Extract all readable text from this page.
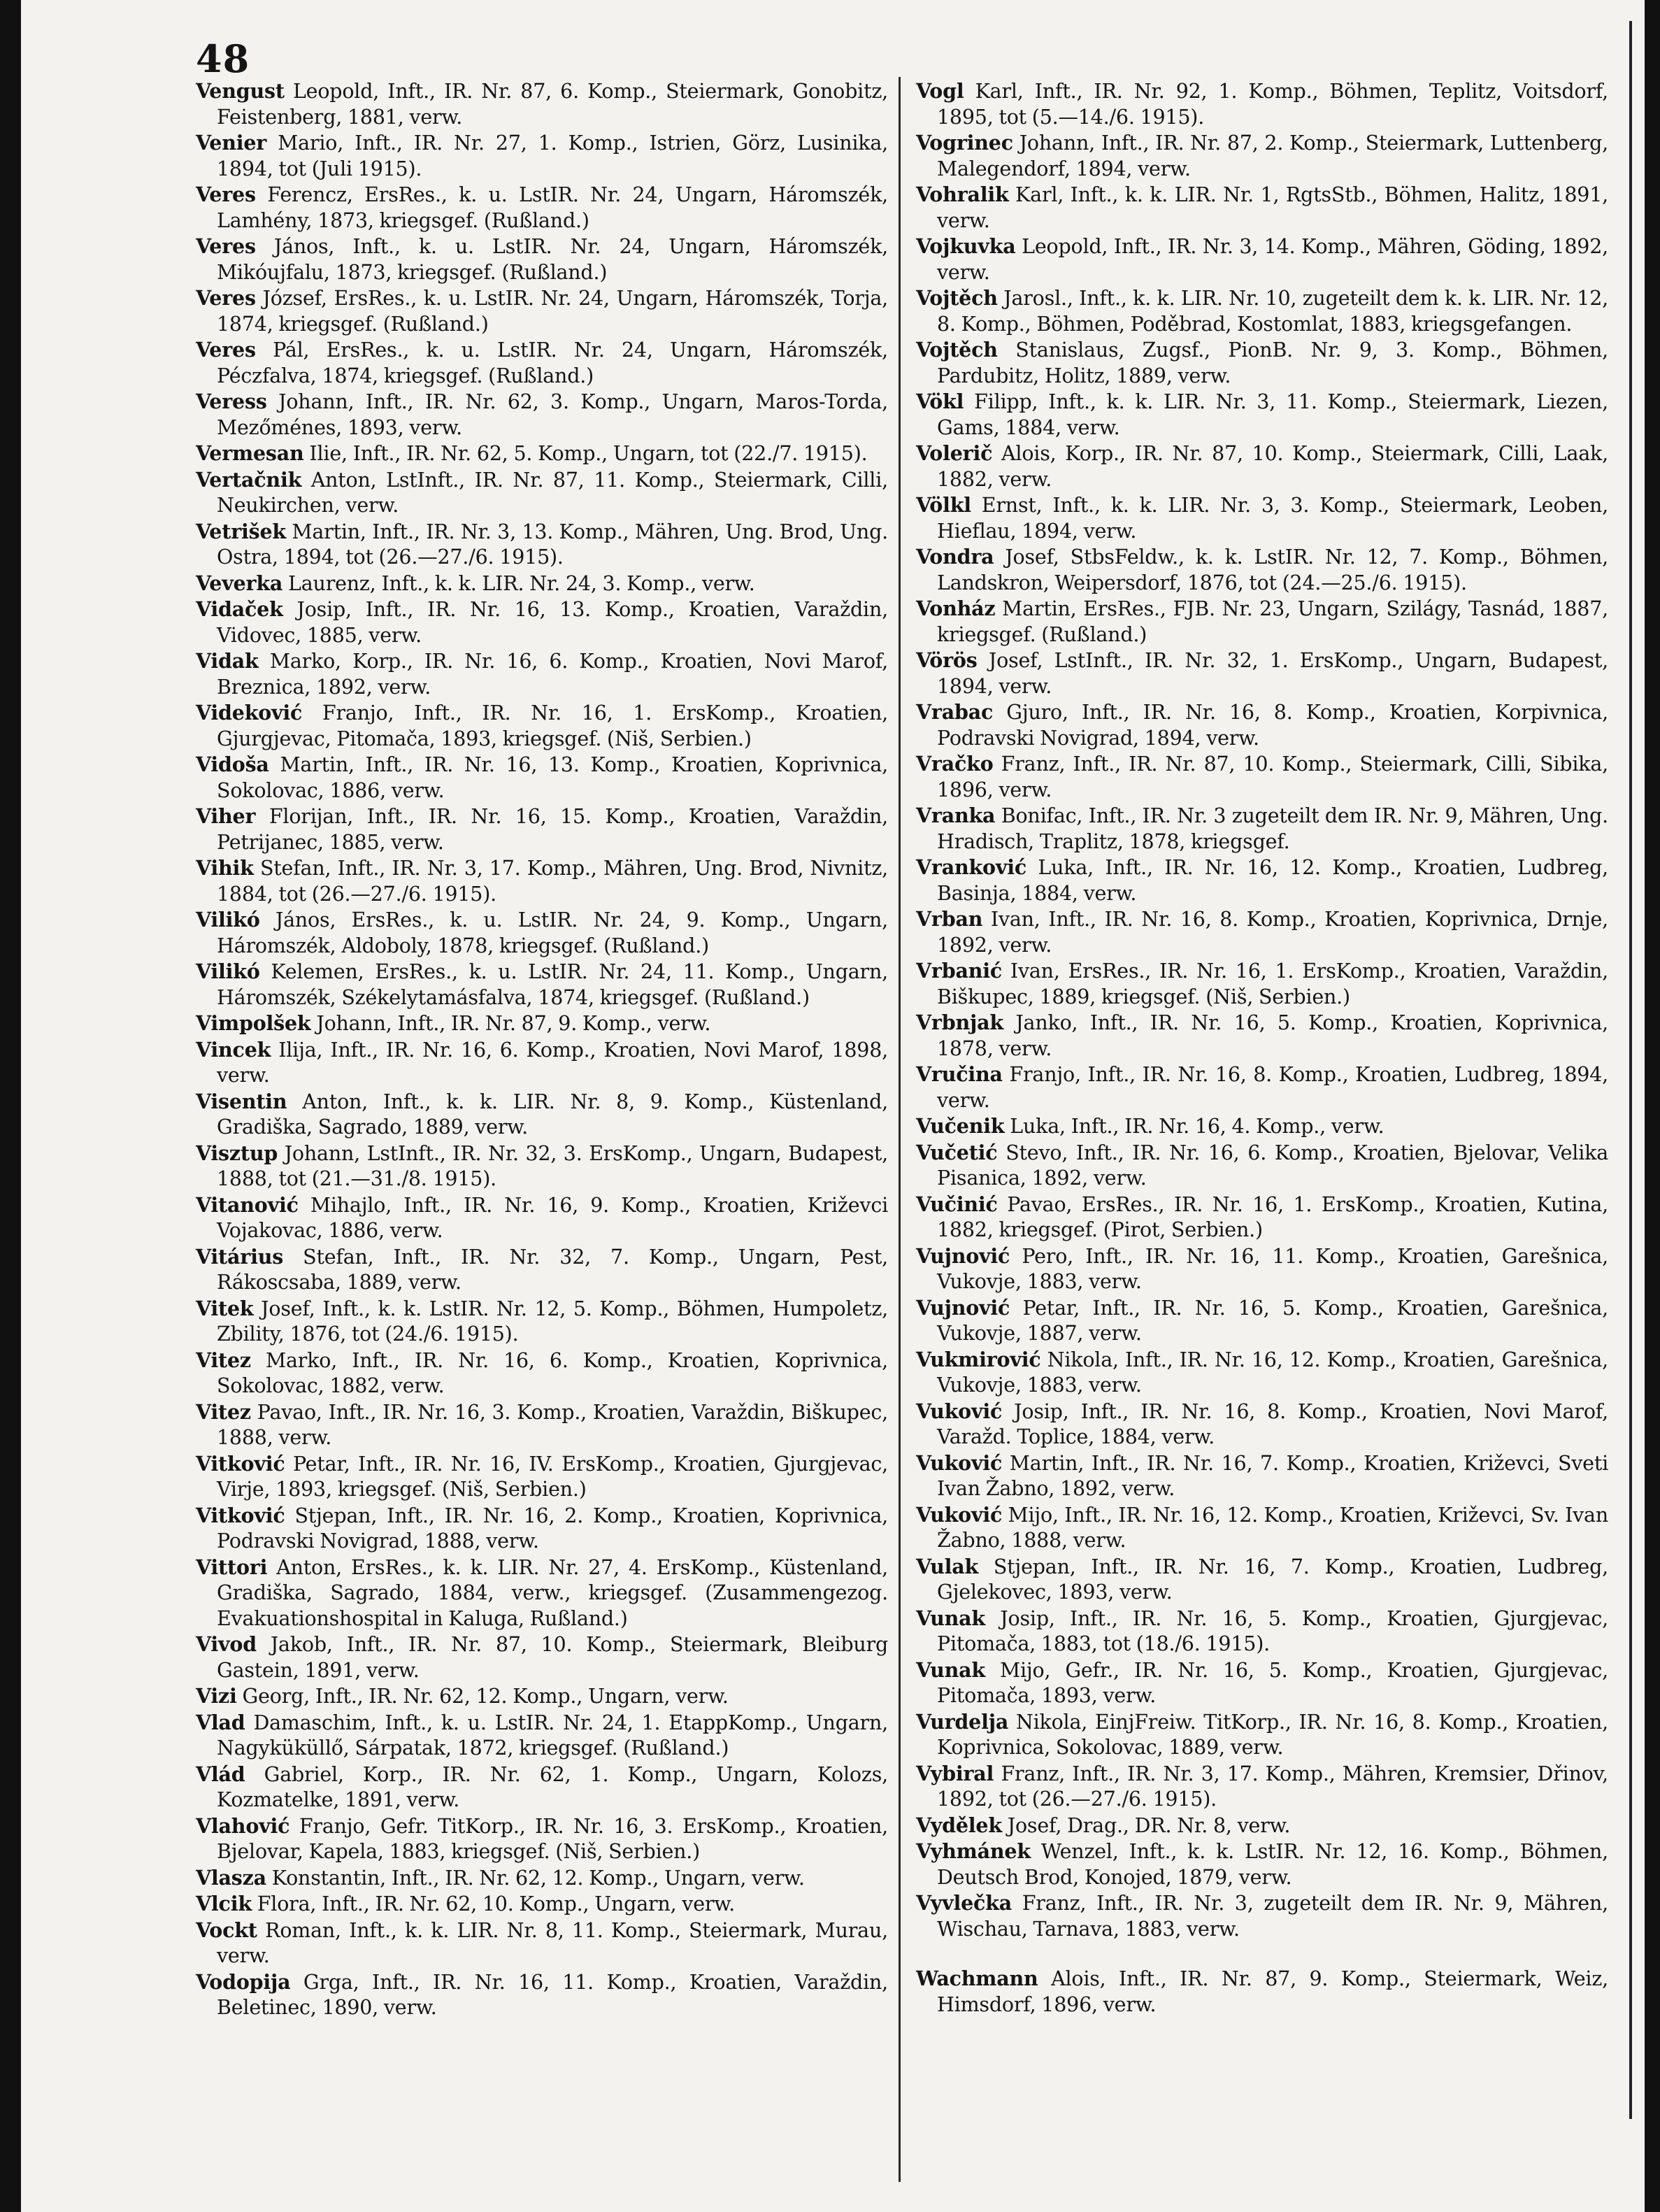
48
Vengust Leopold, Inft., IR. Nr. 87, 6. Komp., Steiermark, Gonobitz, Feistenberg, 1881, verw.
Venier Mario, Inft., IR. Nr. 27, 1. Komp., Istrien, Görz, Lusinika, 1894, tot (Juli 1915).
Veres Ferencz, ErsRes., k. u. LstIR. Nr. 24, Ungarn, Háromszék, Lamhény, 1873, kriegsgef. (Rußland.)
Veres János, Inft., k. u. LstIR. Nr. 24, Ungarn, Háromszék, Mikóujfalu, 1873, kriegsgef. (Rußland.)
Veres József, ErsRes., k. u. LstIR. Nr. 24, Ungarn, Háromszék, Torja, 1874, kriegsgef. (Rußland.)
Veres Pál, ErsRes., k. u. LstIR. Nr. 24, Ungarn, Háromszék, Péczfalva, 1874, kriegsgef. (Rußland.)
Veress Johann, Inft., IR. Nr. 62, 3. Komp., Ungarn, Maros-Torda, Mezőménes, 1893, verw.
Vermesan Ilie, Inft., IR. Nr. 62, 5. Komp., Ungarn, tot (22./7. 1915).
Vertačnik Anton, LstInft., IR. Nr. 87, 11. Komp., Steiermark, Cilli, Neukirchen, verw.
Vetrišek Martin, Inft., IR. Nr. 3, 13. Komp., Mähren, Ung. Brod, Ung. Ostra, 1894, tot (26.—27./6. 1915).
Veverka Laurenz, Inft., k. k. LIR. Nr. 24, 3. Komp., verw.
Vidaček Josip, Inft., IR. Nr. 16, 13. Komp., Kroatien, Varaždin, Vidovec, 1885, verw.
Vidak Marko, Korp., IR. Nr. 16, 6. Komp., Kroatien, Novi Marof, Breznica, 1892, verw.
Videković Franjo, Inft., IR. Nr. 16, 1. ErsKomp., Kroatien, Gjurgjevac, Pitomača, 1893, kriegsgef. (Niš, Serbien.)
Vidoša Martin, Inft., IR. Nr. 16, 13. Komp., Kroatien, Koprivnica, Sokolovac, 1886, verw.
Viher Florijan, Inft., IR. Nr. 16, 15. Komp., Kroatien, Varaždin, Petrijanec, 1885, verw.
Vihik Stefan, Inft., IR. Nr. 3, 17. Komp., Mähren, Ung. Brod, Nivnitz, 1884, tot (26.—27./6. 1915).
Vilikó János, ErsRes., k. u. LstIR. Nr. 24, 9. Komp., Ungarn, Háromszék, Aldoboly, 1878, kriegsgef. (Rußland.)
Vilikó Kelemen, ErsRes., k. u. LstIR. Nr. 24, 11. Komp., Ungarn, Háromszék, Székelytamásfalva, 1874, kriegsgef. (Rußland.)
Vimpolšek Johann, Inft., IR. Nr. 87, 9. Komp., verw.
Vincek Ilija, Inft., IR. Nr. 16, 6. Komp., Kroatien, Novi Marof, 1898, verw.
Visentin Anton, Inft., k. k. LIR. Nr. 8, 9. Komp., Küstenland, Gradiška, Sagrado, 1889, verw.
Visztup Johann, LstInft., IR. Nr. 32, 3. ErsKomp., Ungarn, Budapest, 1888, tot (21.—31./8. 1915).
Vitanović Mihajlo, Inft., IR. Nr. 16, 9. Komp., Kroatien, Križevci Vojakovac, 1886, verw.
Vitárius Stefan, Inft., IR. Nr. 32, 7. Komp., Ungarn, Pest, Rákoscsaba, 1889, verw.
Vitek Josef, Inft., k. k. LstIR. Nr. 12, 5. Komp., Böhmen, Humpoletz, Zbility, 1876, tot (24./6. 1915).
Vitez Marko, Inft., IR. Nr. 16, 6. Komp., Kroatien, Koprivnica, Sokolovac, 1882, verw.
Vitez Pavao, Inft., IR. Nr. 16, 3. Komp., Kroatien, Varaždin, Biškupec, 1888, verw.
Vitković Petar, Inft., IR. Nr. 16, IV. ErsKomp., Kroatien, Gjurgjevac, Virje, 1893, kriegsgef. (Niš, Serbien.)
Vitković Stjepan, Inft., IR. Nr. 16, 2. Komp., Kroatien, Koprivnica, Podravski Novigrad, 1888, verw.
Vittori Anton, ErsRes., k. k. LIR. Nr. 27, 4. ErsKomp., Küstenland, Gradiška, Sagrado, 1884, verw., kriegsgef. (Zusammengezog. Evakuationshospital in Kaluga, Rußland.)
Vivod Jakob, Inft., IR. Nr. 87, 10. Komp., Steiermark, Bleiburg Gastein, 1891, verw.
Vizi Georg, Inft., IR. Nr. 62, 12. Komp., Ungarn, verw.
Vlad Damaschim, Inft., k. u. LstIR. Nr. 24, 1. EtappKomp., Ungarn, Nagyküküllő, Sárpatak, 1872, kriegsgef. (Rußland.)
Vlád Gabriel, Korp., IR. Nr. 62, 1. Komp., Ungarn, Kolozs, Kozmatelke, 1891, verw.
Vlahović Franjo, Gefr. TitKorp., IR. Nr. 16, 3. ErsKomp., Kroatien, Bjelovar, Kapela, 1883, kriegsgef. (Niš, Serbien.)
Vlasza Konstantin, Inft., IR. Nr. 62, 12. Komp., Ungarn, verw.
Vlcik Flora, Inft., IR. Nr. 62, 10. Komp., Ungarn, verw.
Vockt Roman, Inft., k. k. LIR. Nr. 8, 11. Komp., Steiermark, Murau, verw.
Vodopija Grga, Inft., IR. Nr. 16, 11. Komp., Kroatien, Varaždin, Beletinec, 1890, verw.
Vogl Karl, Inft., IR. Nr. 92, 1. Komp., Böhmen, Teplitz, Voitsdorf, 1895, tot (5.—14./6. 1915).
Vogrinec Johann, Inft., IR. Nr. 87, 2. Komp., Steiermark, Luttenberg, Malegendorf, 1894, verw.
Vohralik Karl, Inft., k. k. LIR. Nr. 1, RgtsStb., Böhmen, Halitz, 1891, verw.
Vojkuvka Leopold, Inft., IR. Nr. 3, 14. Komp., Mähren, Göding, 1892, verw.
Vojtěch Jarosl., Inft., k. k. LIR. Nr. 10, zugeteilt dem k. k. LIR. Nr. 12, 8. Komp., Böhmen, Poděbrad, Kostomlat, 1883, kriegsgefangen.
Vojtěch Stanislaus, Zugsf., PionB. Nr. 9, 3. Komp., Böhmen, Pardubitz, Holitz, 1889, verw.
Vökl Filipp, Inft., k. k. LIR. Nr. 3, 11. Komp., Steiermark, Liezen, Gams, 1884, verw.
Volerič Alois, Korp., IR. Nr. 87, 10. Komp., Steiermark, Cilli, Laak, 1882, verw.
Völkl Ernst, Inft., k. k. LIR. Nr. 3, 3. Komp., Steiermark, Leoben, Hieflau, 1894, verw.
Vondra Josef, StbsFeldw., k. k. LstIR. Nr. 12, 7. Komp., Böhmen, Landskron, Weipersdorf, 1876, tot (24.—25./6. 1915).
Vonház Martin, ErsRes., FJB. Nr. 23, Ungarn, Szilágy, Tasnád, 1887, kriegsgef. (Rußland.)
Vörös Josef, LstInft., IR. Nr. 32, 1. ErsKomp., Ungarn, Budapest, 1894, verw.
Vrabac Gjuro, Inft., IR. Nr. 16, 8. Komp., Kroatien, Korpivnica, Podravski Novigrad, 1894, verw.
Vračko Franz, Inft., IR. Nr. 87, 10. Komp., Steiermark, Cilli, Sibika, 1896, verw.
Vranka Bonifac, Inft., IR. Nr. 3 zugeteilt dem IR. Nr. 9, Mähren, Ung. Hradisch, Traplitz, 1878, kriegsgef.
Vranković Luka, Inft., IR. Nr. 16, 12. Komp., Kroatien, Ludbreg, Basinja, 1884, verw.
Vrban Ivan, Inft., IR. Nr. 16, 8. Komp., Kroatien, Koprivnica, Drnje, 1892, verw.
Vrbanić Ivan, ErsRes., IR. Nr. 16, 1. ErsKomp., Kroatien, Varaždin, Biškupec, 1889, kriegsgef. (Niš, Serbien.)
Vrbnjak Janko, Inft., IR. Nr. 16, 5. Komp., Kroatien, Koprivnica, 1878, verw.
Vručina Franjo, Inft., IR. Nr. 16, 8. Komp., Kroatien, Ludbreg, 1894, verw.
Vučenik Luka, Inft., IR. Nr. 16, 4. Komp., verw.
Vučetić Stevo, Inft., IR. Nr. 16, 6. Komp., Kroatien, Bjelovar, Velika Pisanica, 1892, verw.
Vučinić Pavao, ErsRes., IR. Nr. 16, 1. ErsKomp., Kroatien, Kutina, 1882, kriegsgef. (Pirot, Serbien.)
Vujnović Pero, Inft., IR. Nr. 16, 11. Komp., Kroatien, Garešnica, Vukovje, 1883, verw.
Vujnović Petar, Inft., IR. Nr. 16, 5. Komp., Kroatien, Garešnica, Vukovje, 1887, verw.
Vukmirović Nikola, Inft., IR. Nr. 16, 12. Komp., Kroatien, Garešnica, Vukovje, 1883, verw.
Vuković Josip, Inft., IR. Nr. 16, 8. Komp., Kroatien, Novi Marof, Varažd. Toplice, 1884, verw.
Vuković Martin, Inft., IR. Nr. 16, 7. Komp., Kroatien, Križevci, Sveti Ivan Žabno, 1892, verw.
Vuković Mijo, Inft., IR. Nr. 16, 12. Komp., Kroatien, Križevci, Sv. Ivan Žabno, 1888, verw.
Vulak Stjepan, Inft., IR. Nr. 16, 7. Komp., Kroatien, Ludbreg, Gjelekovec, 1893, verw.
Vunak Josip, Inft., IR. Nr. 16, 5. Komp., Kroatien, Gjurgjevac, Pitomača, 1883, tot (18./6. 1915).
Vunak Mijo, Gefr., IR. Nr. 16, 5. Komp., Kroatien, Gjurgjevac, Pitomača, 1893, verw.
Vurdelja Nikola, EinjFreiw. TitKorp., IR. Nr. 16, 8. Komp., Kroatien, Koprivnica, Sokolovac, 1889, verw.
Vybiral Franz, Inft., IR. Nr. 3, 17. Komp., Mähren, Kremsier, Dřinov, 1892, tot (26.—27./6. 1915).
Vydělek Josef, Drag., DR. Nr. 8, verw.
Vyhmánek Wenzel, Inft., k. k. LstIR. Nr. 12, 16. Komp., Böhmen, Deutsch Brod, Konojed, 1879, verw.
Vyvlečka Franz, Inft., IR. Nr. 3, zugeteilt dem IR. Nr. 9, Mähren, Wischau, Tarnava, 1883, verw.
Wachmann Alois, Inft., IR. Nr. 87, 9. Komp., Steiermark, Weiz, Himsdorf, 1896, verw.
